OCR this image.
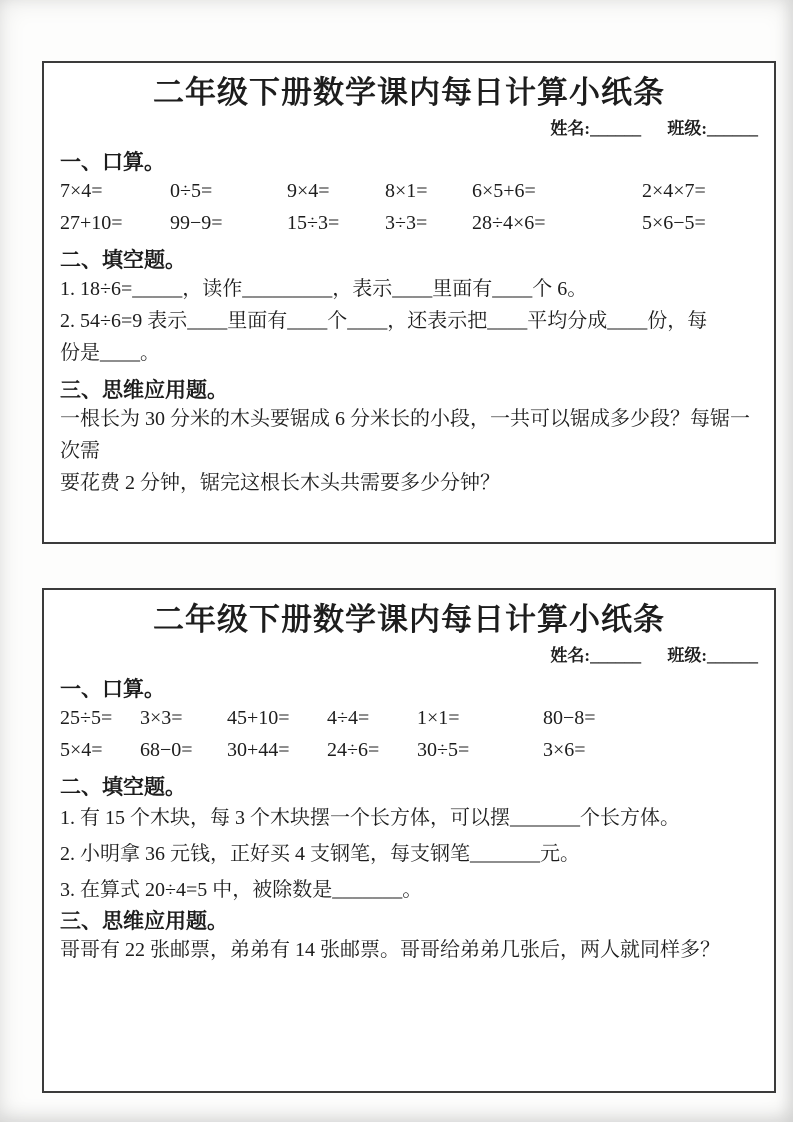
二年级下册数学课内每日计算小纸条
姓名:______ 班级:______
一、口算。
7×4=	0÷5=	9×4=	8×1=	6×5+6=	2×4×7=
27+10=	99−9=	15÷3=	3÷3=	28÷4×6=	5×6−5=
二、填空题。
1. 18÷6=_____，读作_________，表示____里面有____个 6。
2. 54÷6=9 表示____里面有____个____，还表示把____平均分成____份，每
份是____。
三、思维应用题。
一根长为 30 分米的木头要锯成 6 分米长的小段，一共可以锯成多少段？每锯一次需
要花费 2 分钟，锯完这根长木头共需要多少分钟？
二年级下册数学课内每日计算小纸条
姓名:______ 班级:______
一、口算。
25÷5=	3×3=	45+10=	4÷4=	1×1=	80−8=
5×4=	68−0=	30+44=	24÷6=	30÷5=	3×6=
二、填空题。
1. 有 15 个木块，每 3 个木块摆一个长方体，可以摆_______个长方体。
2. 小明拿 36 元钱，正好买 4 支钢笔，每支钢笔_______元。
3. 在算式 20÷4=5 中，被除数是_______。
三、思维应用题。
哥哥有 22 张邮票，弟弟有 14 张邮票。哥哥给弟弟几张后，两人就同样多？
